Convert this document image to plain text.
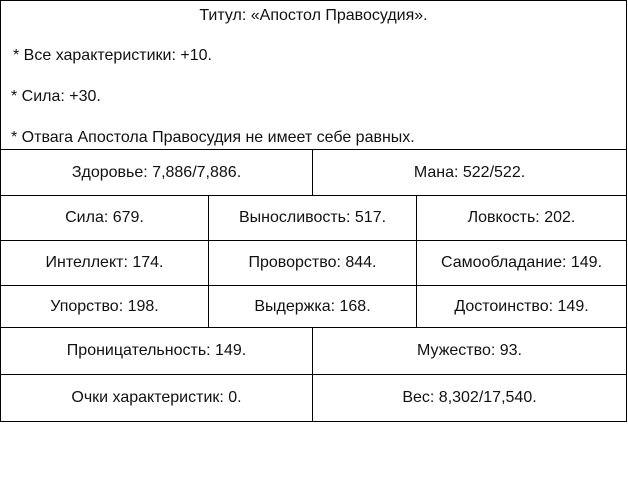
Титул: «Апостол Правосудия».
* Все характеристики: +10.
* Сила: +30.
* Отвага Апостола Правосудия не имеет себе равных.			

Здоровье: 7,886/7,886.		Мана: 522/522.	
Сила: 679.	Выносливость: 517.		Ловкость: 202.
Интеллект: 174.	Проворство: 844.		Самообладание: 149.
Упорство: 198.	Выдержка: 168.		Достоинство: 149.
Проницательность: 149.		Мужество: 93.	
Очки характеристик: 0.		Вес: 8,302/17,540.	
